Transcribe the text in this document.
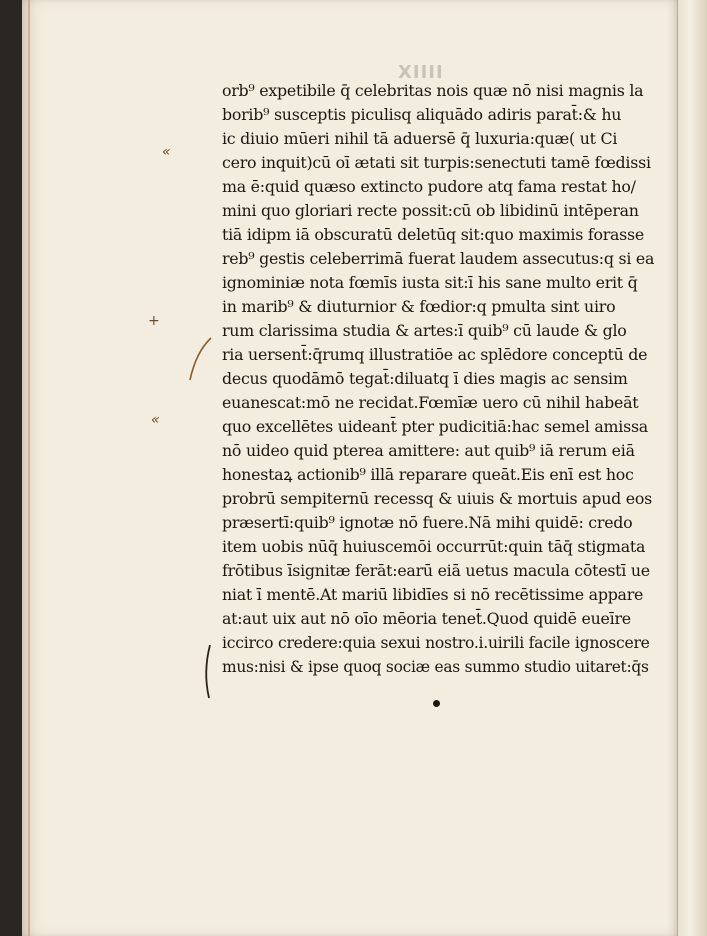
XIIII
«
+
«
orb⁹ expetibile q̄ celebritas nois quæ nō nisi magnis la
borib⁹ susceptis piculisq aliquādo adiris parat̄:& hu
ic diuio mūeri nihil tā aduersē q̄ luxuria:quæ( ut Ci
cero inquit)cū oī ætati sit turpis:senectuti tamē fœdissi
ma ē:quid quæso extincto pudore atq fama restat ho/
mini quo gloriari recte possit:cū ob libidinū intēperan
tiā idipm iā obscuratū deletūq sit:quo maximis forasse
reb⁹ gestis celeberrimā fuerat laudem assecutus:q si ea
ignominiæ nota fœmīs iusta sit:ī his sane multo erit q̄
in marib⁹ & diuturnior & fœdior:q pmulta sint uiro
rum clarissima studia & artes:ī quib⁹ cū laude & glo
ria uersent̄:q̄rumq illustratiōe ac splēdore conceptū de
decus quodāmō tegat̄:diluatq ī dies magis ac sensim
euanescat:mō ne recidat.Fœmīæ uero cū nihil habeāt
quo excellētes uideant̄ pter pudicitiā:hac semel amissa
nō uideo quid pterea amittere: aut quib⁹ iā rerum eiā
honestaꝝ actionib⁹ illā reparare queāt.Eis enī est hoc
probrū sempiternū recessq & uiuis & mortuis apud eos
præsertī:quib⁹ ignotæ nō fuere.Nā mihi quidē: credo
item uobis nūq̄ huiuscemōi occurrūt:quin tāq̄ stigmata
frōtibus īsignitæ ferāt:earū eiā uetus macula cōtestī ue
niat ī mentē.At mariū libidīes si nō recētissime appare
at:aut uix aut nō oīo mēoria tenet̄.Quod quidē eueīre
iccirco credere:quia sexui nostro.i.uirili facile ignoscere
mus:nisi & ipse quoq sociæ eas summo studio uitaret:q̄s
